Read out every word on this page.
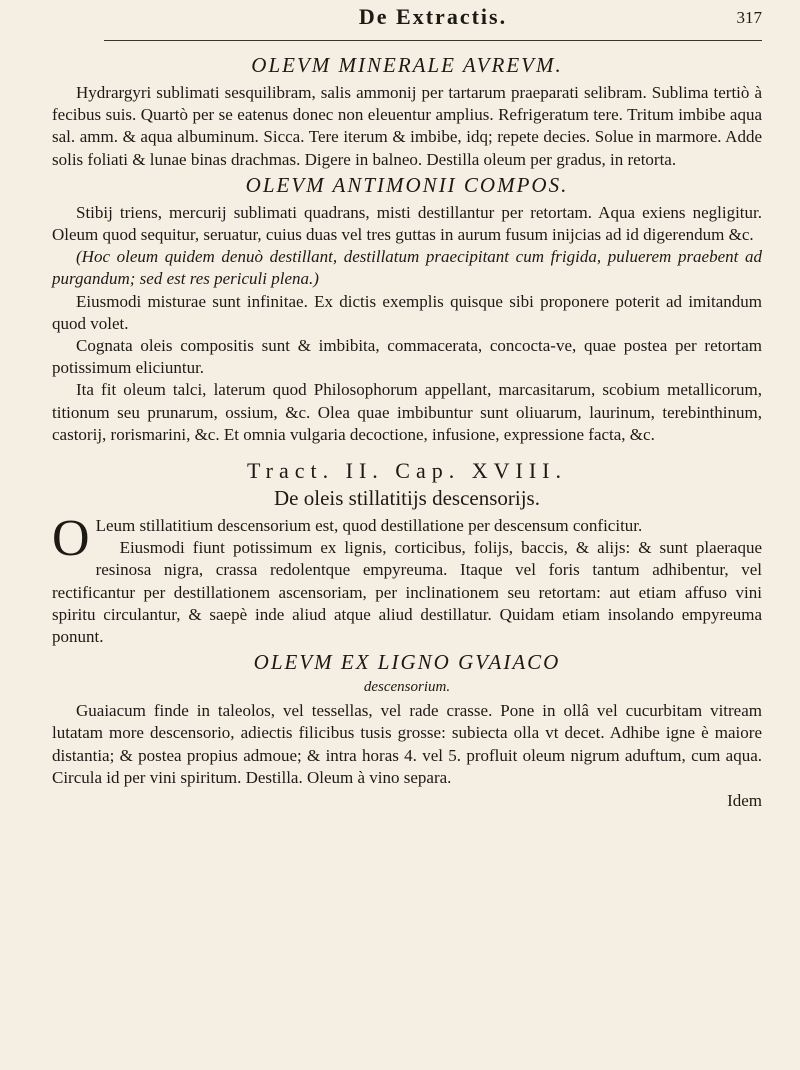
De Extractis.	317
OLEVM MINERALE AVREVM.

Hydrargyri sublimati sesquilibram, salis ammonij per tartarum praeparati selibram. Sublima tertiò à fecibus suis. Quartò per se eatenus donec non eleuentur amplius. Refrigeratum tere. Tritum imbibe aqua sal. amm. & aqua albuminum. Sicca. Tere iterum & imbibe, idq; repete decies. Solue in marmore. Adde solis foliati & lunae binas drachmas. Digere in balneo. Destilla oleum per gradus, in retorta.

OLEVM ANTIMONII COMPOS.

Stibij triens, mercurij sublimati quadrans, misti destillantur per retortam. Aqua exiens negligitur. Oleum quod sequitur, seruatur, cuius duas vel tres guttas in aurum fusum inijcias ad id digerendum &c.

(Hoc oleum quidem denuò destillant, destillatum praecipitant cum frigida, puluerem praebent ad purgandum; sed est res periculi plena.)

Eiusmodi misturae sunt infinitae. Ex dictis exemplis quisque sibi proponere poterit ad imitandum quod volet.

Cognata oleis compositis sunt & imbibita, commacerata, concocta-ve, quae postea per retortam potissimum eliciuntur.

Ita fit oleum talci, laterum quod Philosophorum appellant, marcasitarum, scobium metallicorum, titionum seu prunarum, ossium, &c. Olea quae imbibuntur sunt oliuarum, laurinum, terebinthinum, castorij, rorismarini, &c. Et omnia vulgaria decoctione, infusione, expressione facta, &c.

Tract. II. Cap. XVIII.
De oleis stillatitijs descensorijs.

O Leum stillatitium descensorium est, quod destillatione per descensum conficitur.

Eiusmodi fiunt potissimum ex lignis, corticibus, folijs, baccis, & alijs: & sunt plaeraque resinosa nigra, crassa redolentque empyreuma. Itaque vel foris tantum adhibentur, vel rectificantur per destillationem ascensoriam, per inclinationem seu retortam: aut etiam affuso vini spiritu circulantur, & saepè inde aliud atque aliud destillatur. Quidam etiam insolando empyreuma ponunt.

OLEVM EX LIGNO GVAIACO
descensorium.

Guaiacum finde in taleolos, vel tessellas, vel rade crasse. Pone in ollâ vel cucurbitam vitream lutatam more descensorio, adiectis filicibus tusis grosse: subiecta olla vt decet. Adhibe igne è maiore distantia; & postea propius admoue; & intra horas 4. vel 5. profluit oleum nigrum aduftum, cum aqua. Circula id per vini spiritum. Destilla. Oleum à vino separa.

Idem
